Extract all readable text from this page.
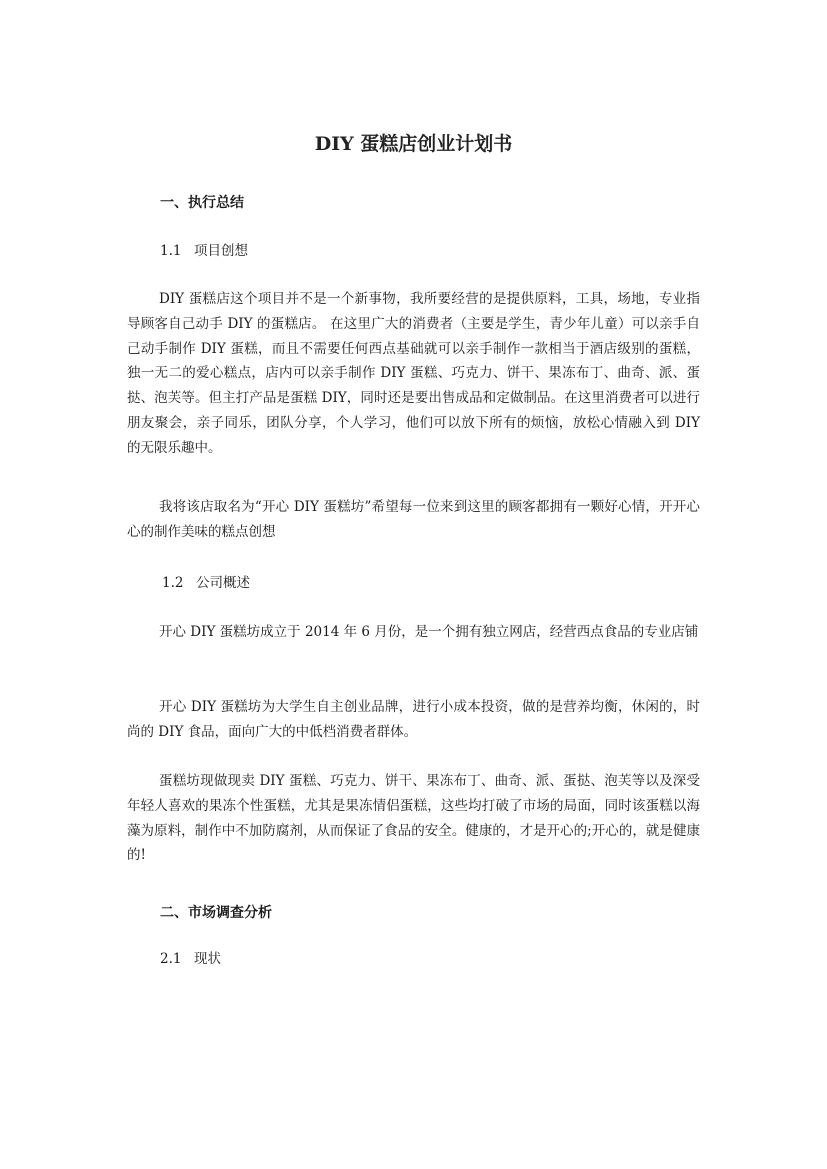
DIY 蛋糕店创业计划书
一、执行总结
1.1 项目创想
DIY 蛋糕店这个项目并不是一个新事物，我所要经营的是提供原料，工具，场地，专业指导顾客自己动手 DIY 的蛋糕店。 在这里广大的消费者（主要是学生，青少年儿童）可以亲手自己动手制作 DIY 蛋糕，而且不需要任何西点基础就可以亲手制作一款相当于酒店级别的蛋糕，独一无二的爱心糕点，店内可以亲手制作 DIY 蛋糕、巧克力、饼干、果冻布丁、曲奇、派、蛋挞、泡芙等。但主打产品是蛋糕 DIY，同时还是要出售成品和定做制品。在这里消费者可以进行朋友聚会，亲子同乐，团队分享，个人学习，他们可以放下所有的烦恼，放松心情融入到 DIY 的无限乐趣中。
我将该店取名为“开心 DIY 蛋糕坊”希望每一位来到这里的顾客都拥有一颗好心情，开开心心的制作美味的糕点创想
1.2 公司概述
开心 DIY 蛋糕坊成立于 2014 年 6 月份，是一个拥有独立网店，经营西点食品的专业店铺
开心 DIY 蛋糕坊为大学生自主创业品牌，进行小成本投资，做的是营养均衡，休闲的，时尚的 DIY 食品，面向广大的中低档消费者群体。
蛋糕坊现做现卖 DIY 蛋糕、巧克力、饼干、果冻布丁、曲奇、派、蛋挞、泡芙等以及深受年轻人喜欢的果冻个性蛋糕，尤其是果冻情侣蛋糕，这些均打破了市场的局面，同时该蛋糕以海藻为原料，制作中不加防腐剂，从而保证了食品的安全。健康的，才是开心的;开心的，就是健康的!
二、市场调查分析
2.1 现状
